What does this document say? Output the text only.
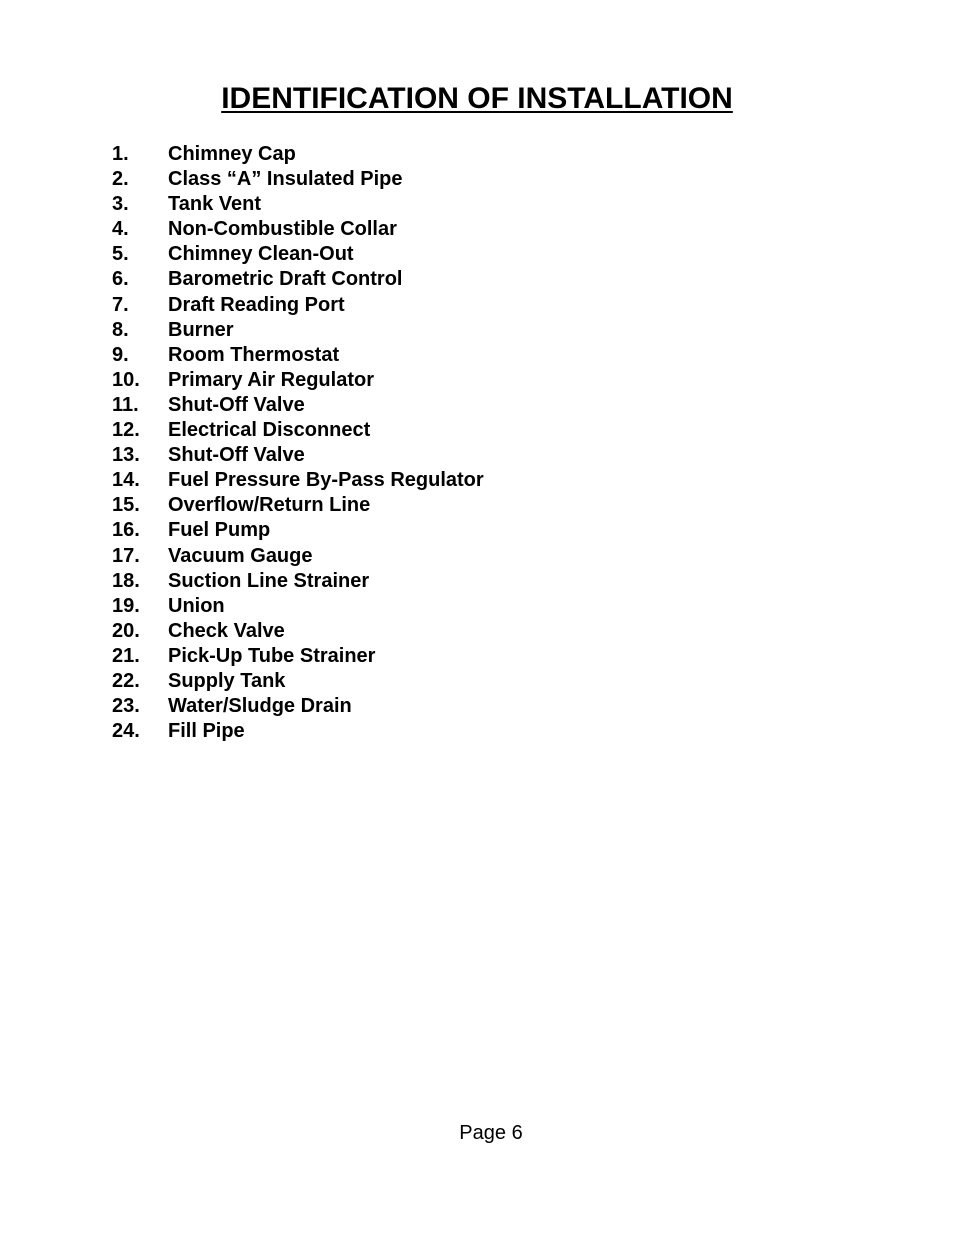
IDENTIFICATION OF INSTALLATION
1.	Chimney Cap
2.	Class “A” Insulated Pipe
3.	Tank Vent
4.	Non-Combustible Collar
5.	Chimney Clean-Out
6.	Barometric Draft Control
7.	Draft Reading Port
8.	Burner
9.	Room Thermostat
10.	Primary Air Regulator
11.	Shut-Off Valve
12.	Electrical Disconnect
13.	Shut-Off Valve
14.	Fuel Pressure By-Pass Regulator
15.	Overflow/Return Line
16.	Fuel Pump
17.	Vacuum Gauge
18.	Suction Line Strainer
19.	Union
20.	Check Valve
21.	Pick-Up Tube Strainer
22.	Supply Tank
23.	Water/Sludge Drain
24.	Fill Pipe
Page 6
